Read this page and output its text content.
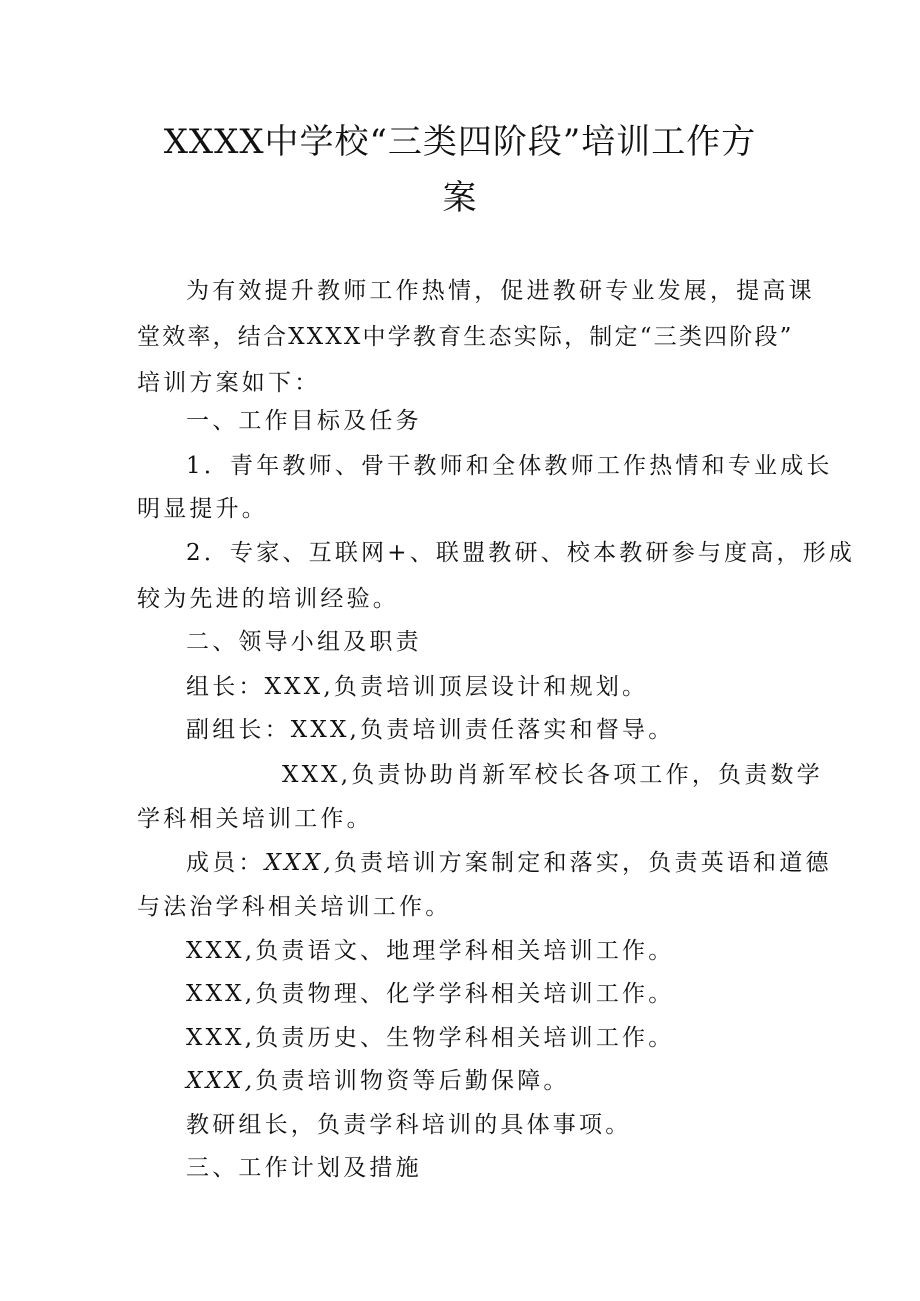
XXXX中学校“三类四阶段”培训工作方
案
为有效提升教师工作热情，促进教研专业发展，提高课
堂效率，结合XXXX中学教育生态实际，制定“三类四阶段”
培训方案如下：
一、工作目标及任务
1．青年教师、骨干教师和全体教师工作热情和专业成长
明显提升。
2．专家、互联网+、联盟教研、校本教研参与度高，形成
较为先进的培训经验。
二、领导小组及职责
组长：XXX,负责培训顶层设计和规划。
副组长：XXX,负责培训责任落实和督导。
XXX,负责协助肖新军校长各项工作，负责数学
学科相关培训工作。
成员：XXX,负责培训方案制定和落实，负责英语和道德
与法治学科相关培训工作。
XXX,负责语文、地理学科相关培训工作。
XXX,负责物理、化学学科相关培训工作。
XXX,负责历史、生物学科相关培训工作。
XXX,负责培训物资等后勤保障。
教研组长，负责学科培训的具体事项。
三、工作计划及措施
